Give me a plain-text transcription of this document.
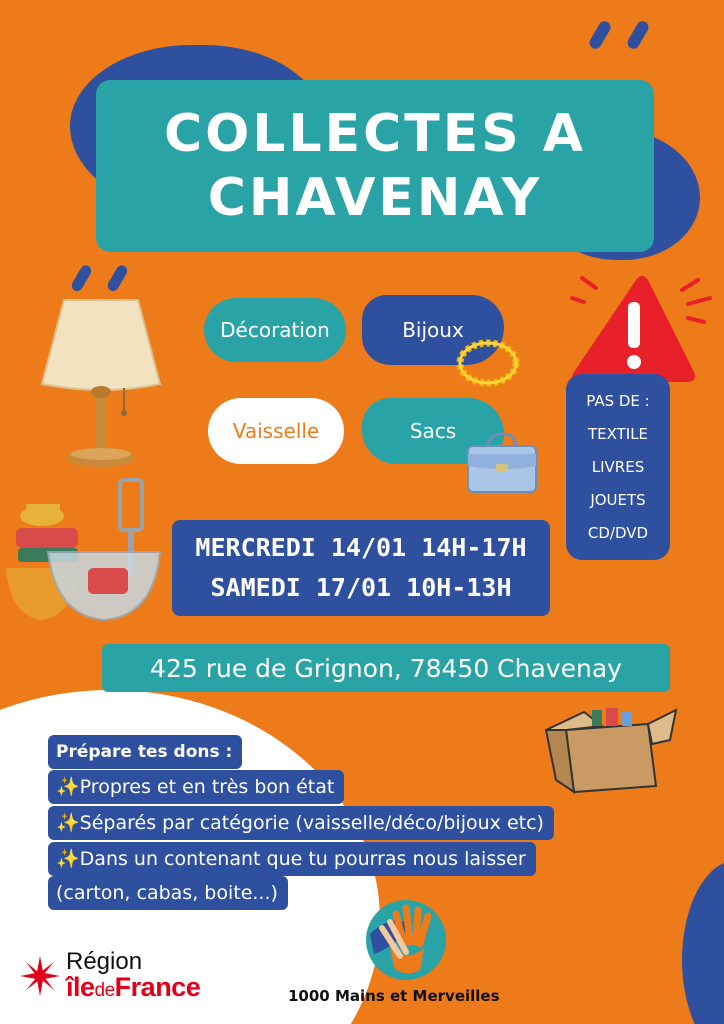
COLLECTES A
CHAVENAY
Décoration	Bijoux
Vaisselle	Sacs
PAS DE :
TEXTILE
LIVRES
JOUETS
CD/DVD
MERCREDI 14/01 14H-17H
SAMEDI 17/01 10H-13H
425 rue de Grignon, 78450 Chavenay
Prépare tes dons :
✨Propres et en très bon état
✨Séparés par catégorie (vaisselle/déco/bijoux etc)
✨Dans un contenant que tu pourras nous laisser
(carton, cabas, boite...)
1000 Mains et Merveilles
Région
îledeFrance
